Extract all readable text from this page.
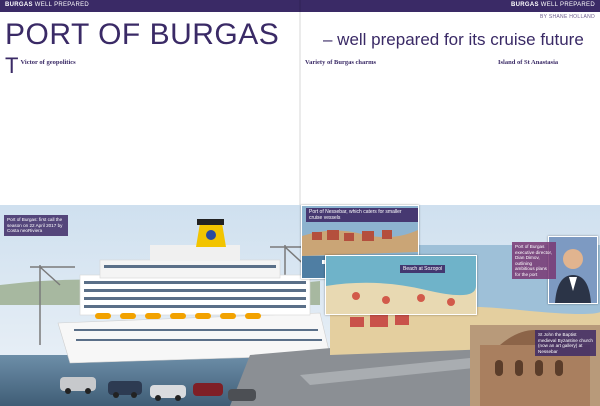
BURGAS WELL PREPARED	BURGAS WELL PREPARED
BY SHANE HOLLAND
PORT OF BURGAS	– well prepared for its cruise future
T Victor of geopolitics	Variety of Burgas charms	Island of St Anastasia
Port of Nessebar, which caters for smaller cruise vessels
Beach at Sozopol
Port of Burgas: first call the season on 22 April 2017 by Costa neoRiviera
Port of Burgas executive director, Dian Dimov, outlining ambitious plans for the port
St John the Baptist medieval Byzantine church (now an art gallery) at Nessebar
